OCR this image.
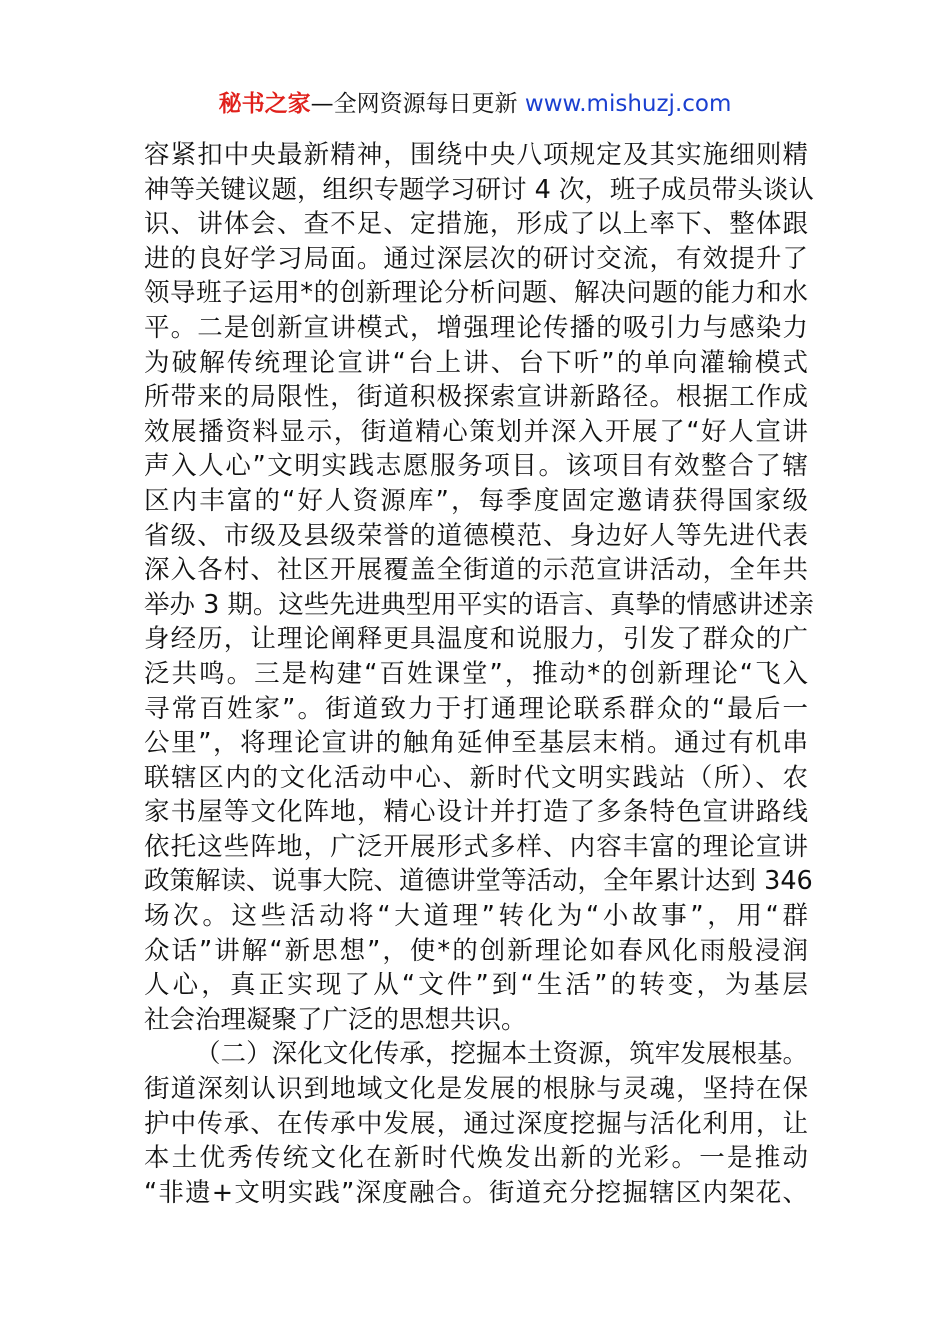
秘书之家—全网资源每日更新 www.mishuzj.com
容紧扣中央最新精神，围绕中央八项规定及其实施细则精
神等关键议题，组织专题学习研讨 4 次，班子成员带头谈认
识、讲体会、查不足、定措施，形成了以上率下、整体跟
进的良好学习局面。通过深层次的研讨交流，有效提升了
领导班子运用*的创新理论分析问题、解决问题的能力和水
平。二是创新宣讲模式，增强理论传播的吸引力与感染力
为破解传统理论宣讲“台上讲、台下听”的单向灌输模式
所带来的局限性，街道积极探索宣讲新路径。根据工作成
效展播资料显示，街道精心策划并深入开展了“好人宣讲
声入人心”文明实践志愿服务项目。该项目有效整合了辖
区内丰富的“好人资源库”，每季度固定邀请获得国家级
省级、市级及县级荣誉的道德模范、身边好人等先进代表
深入各村、社区开展覆盖全街道的示范宣讲活动，全年共
举办 3 期。这些先进典型用平实的语言、真挚的情感讲述亲
身经历，让理论阐释更具温度和说服力，引发了群众的广
泛共鸣。三是构建“百姓课堂”，推动*的创新理论“飞入
寻常百姓家”。街道致力于打通理论联系群众的“最后一
公里”，将理论宣讲的触角延伸至基层末梢。通过有机串
联辖区内的文化活动中心、新时代文明实践站（所）、农
家书屋等文化阵地，精心设计并打造了多条特色宣讲路线
依托这些阵地，广泛开展形式多样、内容丰富的理论宣讲
政策解读、说事大院、道德讲堂等活动，全年累计达到 346
场次。这些活动将“大道理”转化为“小故事”，用“群
众话”讲解“新思想”，使*的创新理论如春风化雨般浸润
人心，真正实现了从“文件”到“生活”的转变，为基层
社会治理凝聚了广泛的思想共识。
（二）深化文化传承，挖掘本土资源，筑牢发展根基。
街道深刻认识到地域文化是发展的根脉与灵魂，坚持在保
护中传承、在传承中发展，通过深度挖掘与活化利用，让
本土优秀传统文化在新时代焕发出新的光彩。一是推动
“非遗+文明实践”深度融合。街道充分挖掘辖区内架花、
